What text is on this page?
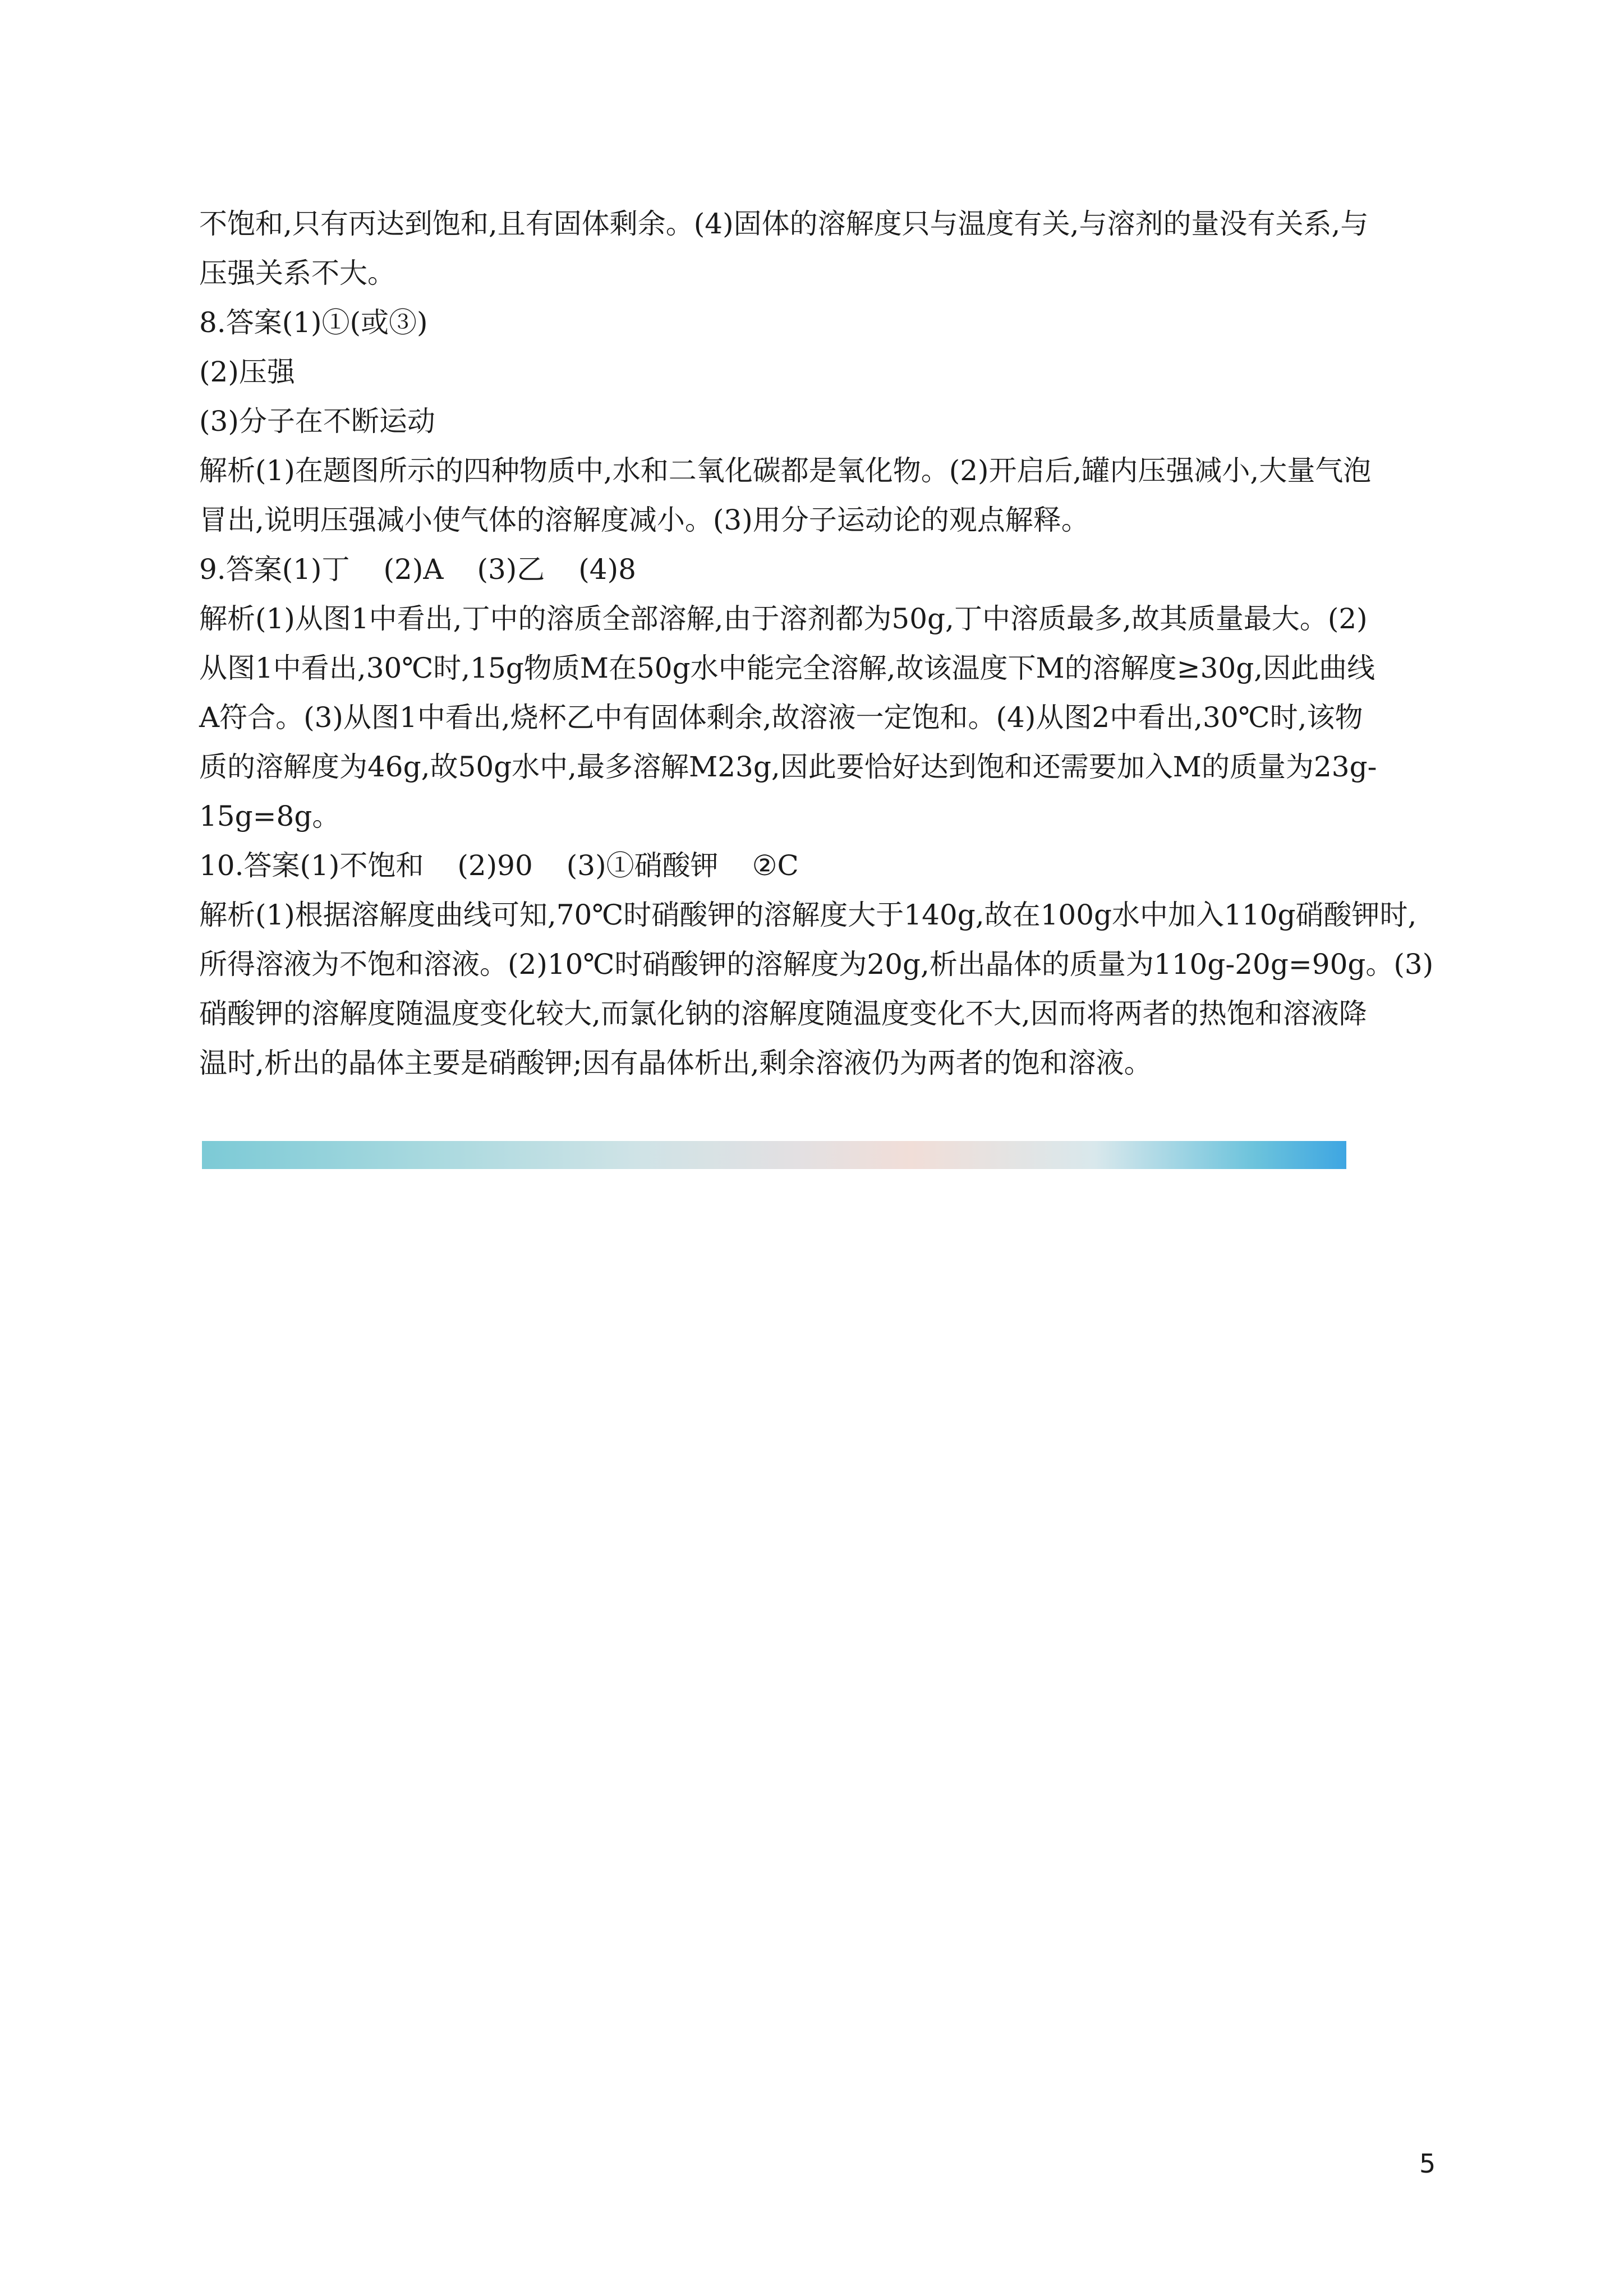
不饱和,只有丙达到饱和,且有固体剩余。(4)固体的溶解度只与温度有关,与溶剂的量没有关系,与
压强关系不大。
8.答案(1)①(或③)
(2)压强
(3)分子在不断运动
解析(1)在题图所示的四种物质中,水和二氧化碳都是氧化物。(2)开启后,罐内压强减小,大量气泡
冒出,说明压强减小使气体的溶解度减小。(3)用分子运动论的观点解释。
9.答案(1)丁 (2)A (3)乙 (4)8
解析(1)从图1中看出,丁中的溶质全部溶解,由于溶剂都为50g,丁中溶质最多,故其质量最大。(2)
从图1中看出,30℃时,15g物质M在50g水中能完全溶解,故该温度下M的溶解度≥30g,因此曲线
A符合。(3)从图1中看出,烧杯乙中有固体剩余,故溶液一定饱和。(4)从图2中看出,30℃时,该物
质的溶解度为46g,故50g水中,最多溶解M23g,因此要恰好达到饱和还需要加入M的质量为23g-
15g=8g。
10.答案(1)不饱和 (2)90 (3)①硝酸钾 ②C
解析(1)根据溶解度曲线可知,70℃时硝酸钾的溶解度大于140g,故在100g水中加入110g硝酸钾时,
所得溶液为不饱和溶液。(2)10℃时硝酸钾的溶解度为20g,析出晶体的质量为110g-20g=90g。(3)
硝酸钾的溶解度随温度变化较大,而氯化钠的溶解度随温度变化不大,因而将两者的热饱和溶液降
温时,析出的晶体主要是硝酸钾;因有晶体析出,剩余溶液仍为两者的饱和溶液。
5
